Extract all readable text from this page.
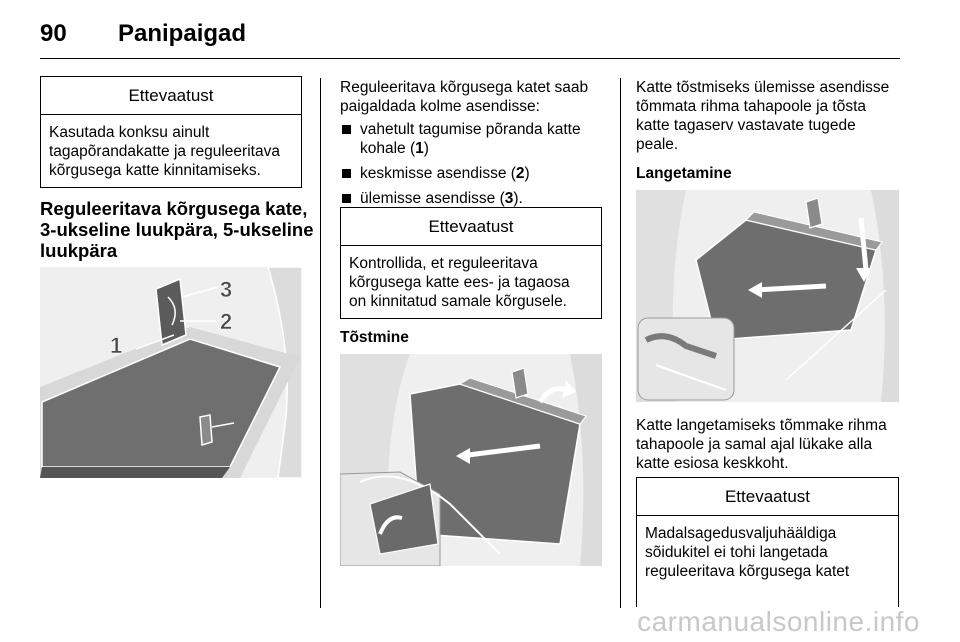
90	Panipaigad
Ettevaatust
Kasutada konksu ainult
tagapõrandakatte ja reguleeritava
kõrgusega katte kinnitamiseks.
Reguleeritava kõrgusega kate,
3-ukseline luukpära, 5-ukseline
luukpära
1
2
3
Reguleeritava kõrgusega katet saab
paigaldada kolme asendisse:
vahetult tagumise põranda katte
kohale (1)
keskmisse asendisse (2)
ülemisse asendisse (3).
Ettevaatust
Kontrollida, et reguleeritava
kõrgusega katte ees- ja tagaosa
on kinnitatud samale kõrgusele.
Tõstmine
Katte tõstmiseks ülemisse asendisse
tõmmata rihma tahapoole ja tõsta
katte tagaserv vastavate tugede
peale.
Langetamine
Katte langetamiseks tõmmake rihma
tahapoole ja samal ajal lükake alla
katte esiosa keskkoht.
Ettevaatust
Madalsagedusvaljuhääldiga
sõidukitel ei tohi langetada
reguleeritava kõrgusega katet
carmanualsonline.info
